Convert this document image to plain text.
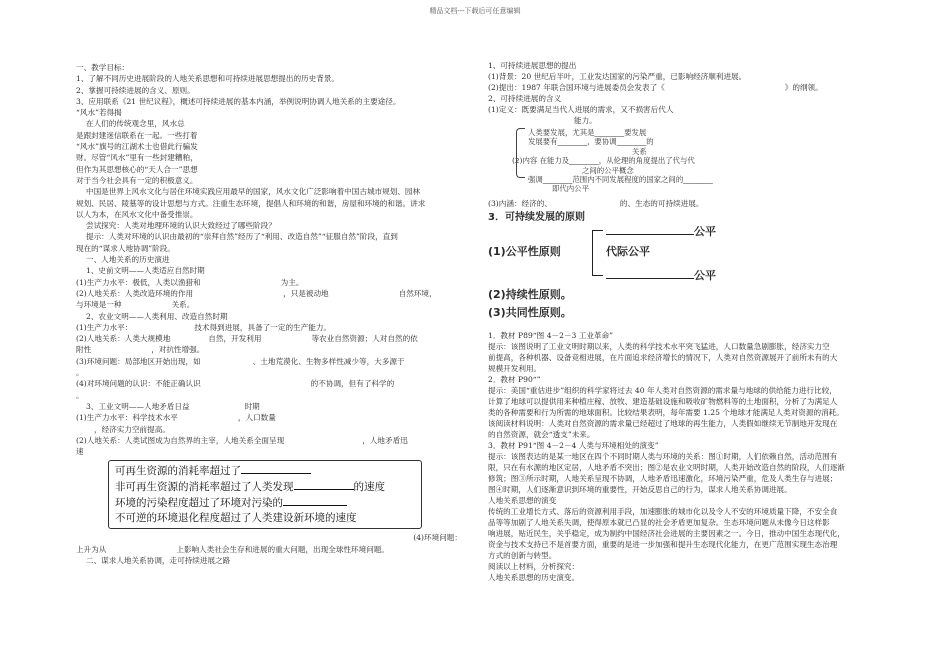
精品文档---下载后可任意编辑
一、教学目标：
1、了解不同历史进展阶段的人地关系思想和可持续进展思想提出的历史背景。
2、掌握可持续进展的含义、原则。
3、应用联系《21 世纪议程》，概述可持续进展的基本内涵，举例说明协调人地关系的主要途径。
“风水”若得揭
在人们的传统观念里，风水总
是跟封建迷信联系在一起。一些打着
“风水”旗号的江湖术士也借此行骗发
财。尽管“风水”里有一些封建糟粕，
但作为其思想核心的“天人合一”思想
对于当今社会具有一定的积极意义。
中国是世界上风水文化与居住环境实践应用最早的国家，风水文化广泛影响着中国古城市规划、园林
规划、民居、陵墓等的设计思想与方式。注重生态环境，提倡人和环境的和谐，房屋和环境的和谐。讲求
以人为本，在风水文化中备受推崇。
尝试探究：人类对地理环境的认识大致经过了哪些阶段？
提示：人类对环境的认识由最初的“崇拜自然”经历了“利用、改造自然”“征服自然”阶段，直到
现在的“谋求人地协调”阶段。
一、人地关系的历史演进
1、史前文明——人类适应自然时期
(1)生产力水平：极低，人类以渔猎和	为主。
(2)人地关系：人类改造环境的作用	，只是被动地	自然环境，
与环境是一种	关系。
2、农业文明——人类利用、改造自然时期
(1)生产力水平：	技术得到进展，具备了一定的生产能力。
(2)人地关系：人类大规模地	自然，开发利用	等农业自然资源；人对自然的依
附性	，对抗性增强。
(3)环境问题：局部地区开始出现，如	、土地荒漠化、生物多样性减少等，大多源于
。
(4)对环境问题的认识：不能正确认识	的不协调，但有了科学的
。
3、工业文明——人地矛盾日益	时期
(1)生产力水平：科学技术水平	，人口数量
，经济实力空前提高。
(2)人地关系：人类试图成为自然界的主宰，人地关系全面呈现	，人地矛盾迅
速
可再生资源的消耗率超过了
非可再生资源的消耗率超过了人类发现	的速度
环境的污染程度超过了环境对污染的
不可逆的环境退化程度超过了人类建设新环境的速度
(4)环境问题：
上升为从	上影响人类社会生存和进展的重大问题，出现全球性环境问题。
二、谋求人地关系协调，走可持续进展之路
1、可持续进展思想的提出
(1)背景：20 世纪后半叶，工业发达国家的污染严重，已影响经济顺利进展。
(2)提出：1987 年联合国环境与进展委员会发表了《	》的纲领。
2、可持续进展的含义
(1)定义：既要满足当代人进展的需求，又不损害后代人
能力。
人类要发展，尤其是________要发展
发展要有________，要协调________的
关系
(2)内容 在能力及________，从伦理的角度提出了代与代
之间的公平概念
强调________范围内不同发展程度的国家之间的________
即代内公平
(3)内涵：经济的、	的、生态的可持续进展。
3．可持续发展的原则
(1)公平性原则
公平
代际公平
公平
(2)持续性原则。
(3)共同性原则。
1．教材 P89“图 4－2－3 工业革命”
提示：该图说明了工业文明时期以来，人类的科学技术水平突飞猛进，人口数量急剧膨胀，经济实力空
前提高，各种机器、设备竞相进展，在片面追求经济增长的情况下，人类对自然资源展开了前所未有的大
规模开发利用。
2．教材 P90“”
提示：美国“重估进步”组织的科学家将过去 40 年人类对自然资源的需求量与地球的供给能力进行比较，
计算了地球可以提供用来种植庄稼、放牧、建造基础设施和吸收矿物燃料等的土地面积，分析了为满足人
类的各种需要和行为所需的地球面积。比较结果表明，每年需要 1.25 个地球才能满足人类对资源的消耗。
该阅读材料说明：人类对自然资源的需求量已经超过了地球的再生能力，人类假如继续无节制地开发现在
的自然资源，就会“透支”未来。
3．教材 P91“图 4－2－4 人类与环境相处的演变”
提示：该图表达的是某一地区在四个不同时期人类与环境的关系：图①时期，人们依赖自然，活动范围有
限，只在有水源的地区定居，人地矛盾不突出；图②是农业文明时期，人类开始改造自然的阶段，人们逐渐
修筑；图③所示时期，人地关系呈现不协调，人地矛盾迅速激化，环境污染严重，危及人类生存与进展；
图④时期，人们逐渐意识到环境的重要性，开始反思自己的行为，谋求人地关系协调进展。
人地关系思想的演变
传统的工业增长方式、落后的资源利用手段，加速膨胀的城市化以及令人不安的环境质量下降，不安全食
品等等加剧了人地关系失调，使得原本就已凸显的社会矛盾更加复杂。生态环境问题从未像今日这样影
响进展，贴近民生，关乎稳定，成为制约中国经济社会进展的主要因素之一。今日，推动中国生态现代化，
资金与技术支持已不是首要方面，重要的是进一步加强和提升生态现代化能力，在更广范围实现生态治理
方式的创新与转型。
阅读以上材料，分析探究：
人地关系思想的历史演变。
